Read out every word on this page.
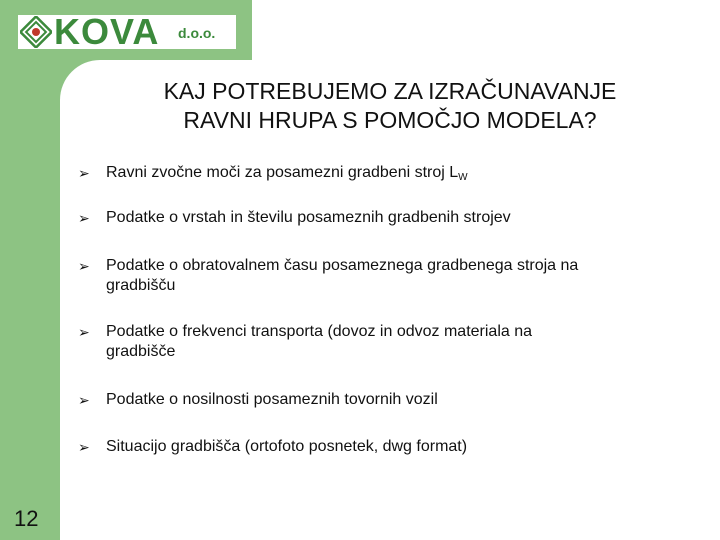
KOVA d.o.o.
KAJ POTREBUJEMO ZA IZRAČUNAVANJE
RAVNI HRUPA S POMOČJO MODELA?
➢	Ravni zvočne moči za posamezni gradbeni stroj $L_W$
➢	Podatke o vrstah in številu posameznih gradbenih strojev
➢	Podatke o obratovalnem času posameznega gradbenega stroja na
gradbišču
➢	Podatke o frekvenci transporta (dovoz in odvoz materiala na
gradbišče
➢	Podatke o nosilnosti posameznih tovornih vozil
➢	Situacijo gradbišča (ortofoto posnetek, dwg format)
12
